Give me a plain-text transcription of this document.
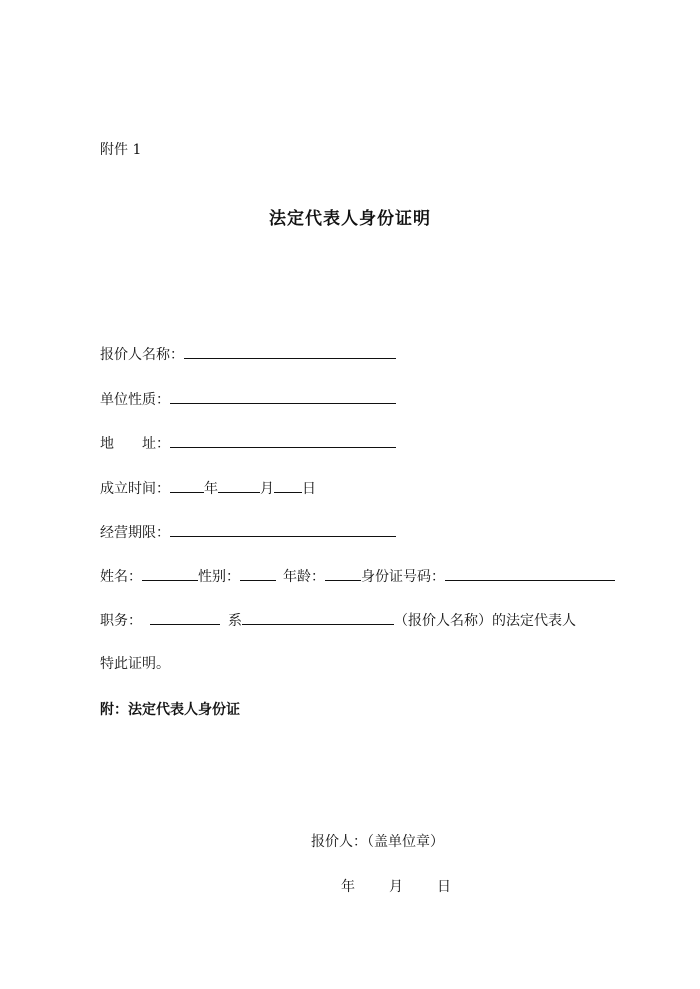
附件 1
法定代表人身份证明
报价人名称：
单位性质：
地　　址：
成立时间： 年	月 日
经营期限：
姓名：	性别：	年龄：	身份证号码：
职务：	系	（报价人名称）的法定代表人
特此证明。
附：法定代表人身份证
报价人：（盖单位章）
年 月 日
